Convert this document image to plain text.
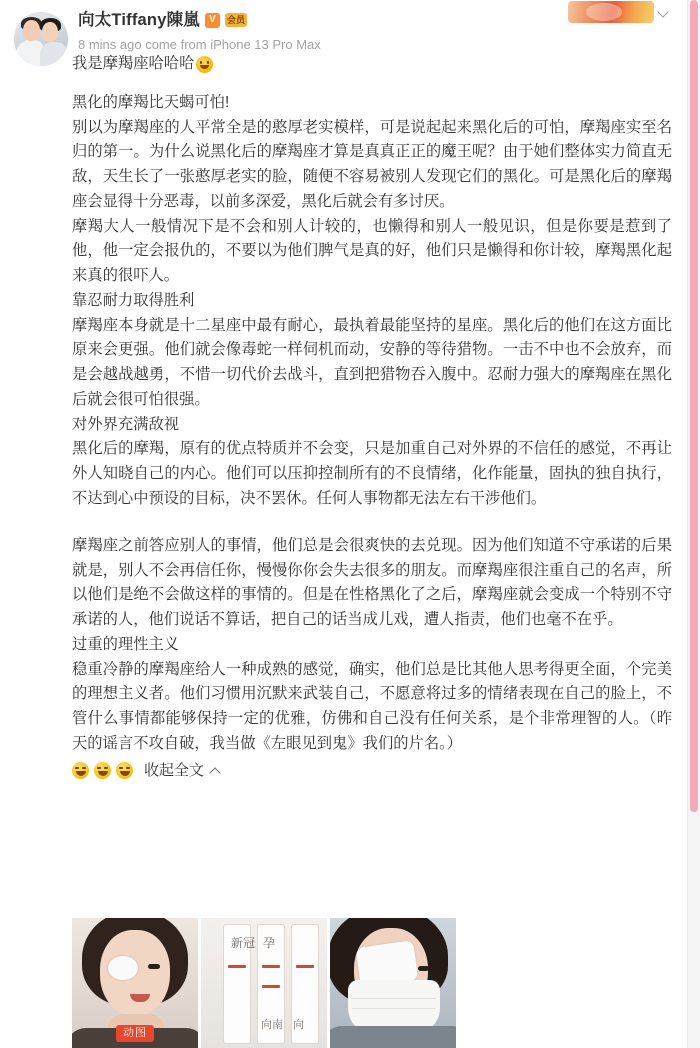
向太Tiffany陳嵐 V	会员
8 mins ago come from iPhone 13 Pro Max
我是摩羯座哈哈哈

黑化的摩羯比天蝎可怕!

别以为摩羯座的人平常全是的憨厚老实模样，可是说起起来黑化后的可怕，摩羯座实至名归的第一。为什么说黑化后的摩羯座才算是真真正正的魔王呢？由于她们整体实力简直无敌，天生长了一张憨厚老实的脸，随便不容易被别人发现它们的黑化。可是黑化后的摩羯座会显得十分恶毒，以前多深爱，黑化后就会有多讨厌。

摩羯大人一般情况下是不会和别人计较的，也懒得和别人一般见识，但是你要是惹到了他，他一定会报仇的，不要以为他们脾气是真的好，他们只是懒得和你计较，摩羯黑化起来真的很吓人。

靠忍耐力取得胜利

摩羯座本身就是十二星座中最有耐心，最执着最能坚持的星座。黑化后的他们在这方面比原来会更强。他们就会像毒蛇一样伺机而动，安静的等待猎物。一击不中也不会放弃，而是会越战越勇，不惜一切代价去战斗，直到把猎物吞入腹中。忍耐力强大的摩羯座在黑化后就会很可怕很强。

对外界充满敌视

黑化后的摩羯，原有的优点特质并不会变，只是加重自己对外界的不信任的感觉，不再让外人知晓自己的内心。他们可以压抑控制所有的不良情绪，化作能量，固执的独自执行，不达到心中预设的目标，决不罢休。任何人事物都无法左右干涉他们。

摩羯座之前答应别人的事情，他们总是会很爽快的去兑现。因为他们知道不守承诺的后果就是，别人不会再信任你，慢慢你你会失去很多的朋友。而摩羯座很注重自己的名声，所以他们是绝不会做这样的事情的。但是在性格黑化了之后，摩羯座就会变成一个特别不守承诺的人，他们说话不算话，把自己的话当成儿戏，遭人指责，他们也毫不在乎。

过重的理性主义

稳重冷静的摩羯座给人一种成熟的感觉，确实，他们总是比其他人思考得更全面，个完美的理想主义者。他们习惯用沉默来武装自己，不愿意将过多的情绪表现在自己的脸上，不管什么事情都能够保持一定的优雅，仿佛和自己没有任何关系，是个非常理智的人。（昨天的谣言不攻自破，我当做《左眼见到鬼》我们的片名。）

收起全文
动图
新冠 孕
向南 向
